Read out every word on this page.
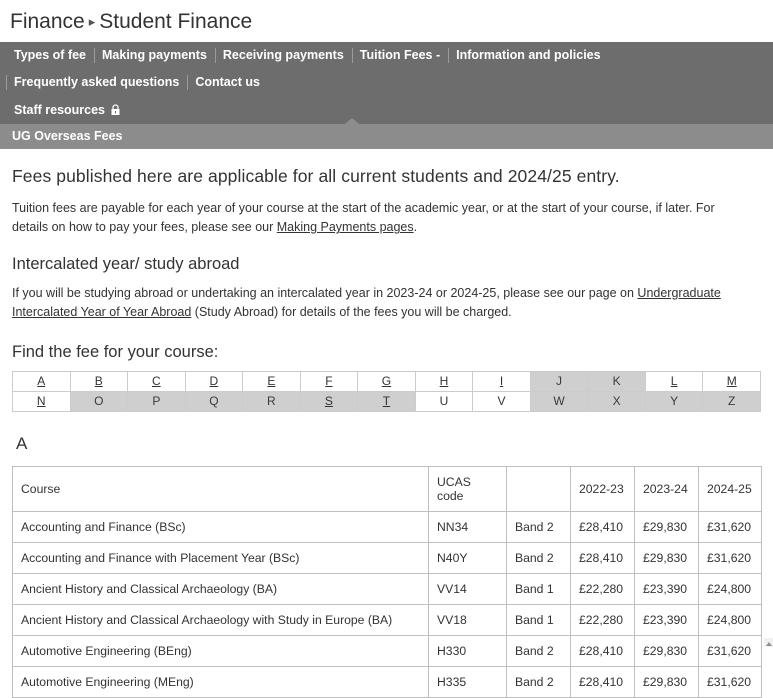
Finance ▸ Student Finance
Types of fee	Making payments	Receiving payments	Tuition Fees -	Information and policies
Frequently asked questions	Contact us
Staff resources
UG Overseas Fees
Fees published here are applicable for all current students and 2024/25 entry.

Tuition fees are payable for each year of your course at the start of the academic year, or at the start of your course, if later. For details on how to pay your fees, please see our Making Payments pages.

Intercalated year/ study abroad

If you will be studying abroad or undertaking an intercalated year in 2023-24 or 2024-25, please see our page on Undergraduate Intercalated Year of Year Abroad (Study Abroad) for details of the fees you will be charged.

Find the fee for your course:
A	B	C	D	E	F	G	H	I	J	K	L	M
N	O	P	Q	R	S	T	U	V	W	X	Y	Z
A
Course	UCAS code		2022-23	2023-24	2024-25
Accounting and Finance (BSc)	NN34	Band 2	£28,410	£29,830	£31,620
Accounting and Finance with Placement Year (BSc)	N40Y	Band 2	£28,410	£29,830	£31,620
Ancient History and Classical Archaeology (BA)	VV14	Band 1	£22,280	£23,390	£24,800
Ancient History and Classical Archaeology with Study in Europe (BA)	VV18	Band 1	£22,280	£23,390	£24,800
Automotive Engineering (BEng)	H330	Band 2	£28,410	£29,830	£31,620
Automotive Engineering (MEng)	H335	Band 2	£28,410	£29,830	£31,620
